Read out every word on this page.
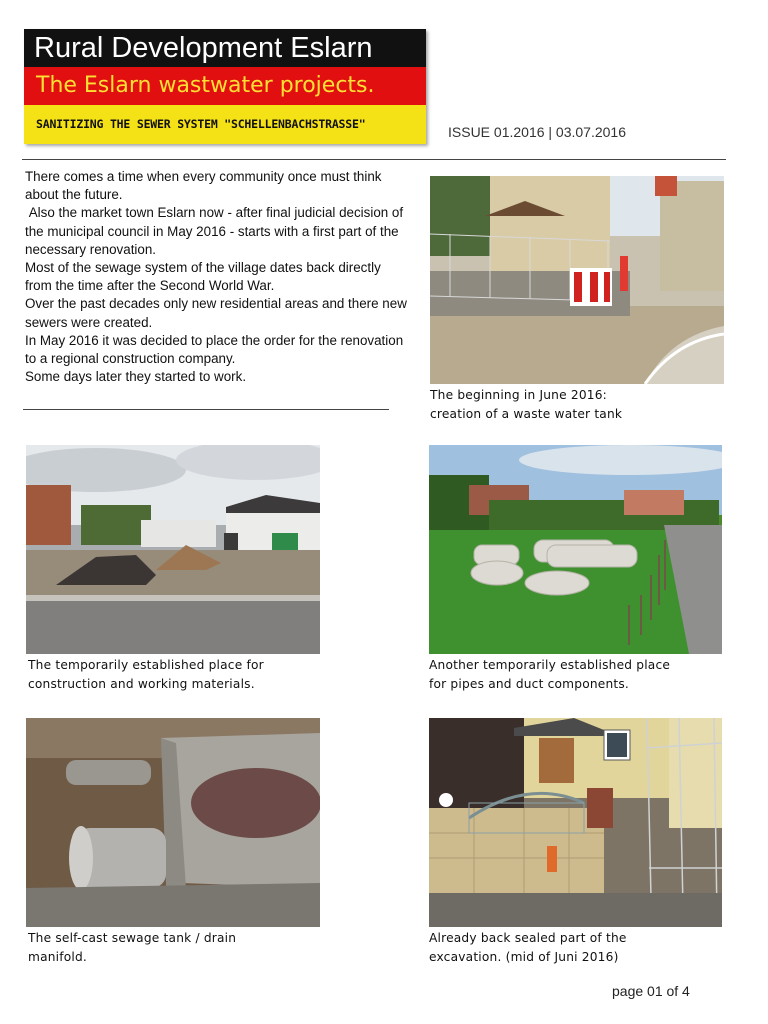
Rural Development Eslarn
The Eslarn wastwater projects.
SANITIZING THE SEWER SYSTEM "SCHELLENBACHSTRASSE"	ISSUE 01.2016 | 03.07.2016

There comes a time when every community once must think about the future.

Also the market town Eslarn now - after final judicial decision of the municipal council in May 2016 - starts with a first part of the necessary renovation.

Most of the sewage system of the village dates back directly from the time after the Second World War.

Over the past decades only new residential areas and there new sewers were created.

In May 2016 it was decided to place the order for the renovation to a regional construction company.

Some days later they started to work.

The beginning in June 2016:
creation of a waste water tank
The temporarily established place for
construction and working materials.
Another temporarily established place
for pipes and duct components.
The self-cast sewage tank / drain
manifold.
Already back sealed part of the
excavation. (mid of Juni 2016)
page 01 of 4
